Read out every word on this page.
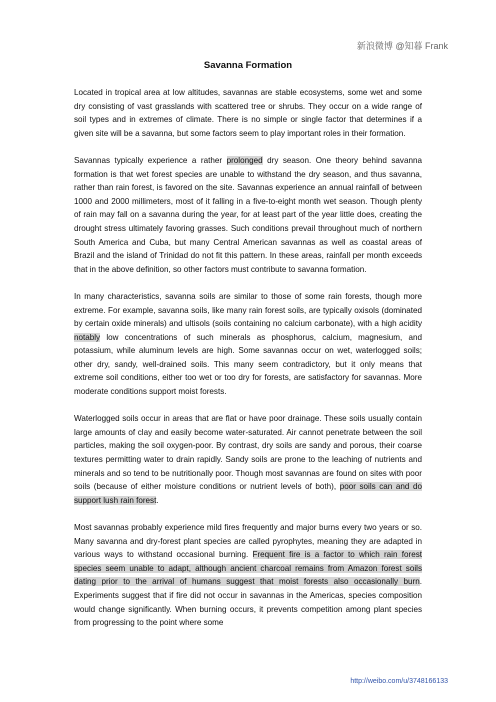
新浪微博 @知暮 Frank
Savanna Formation

Located in tropical area at low altitudes, savannas are stable ecosystems, some wet and some dry consisting of vast grasslands with scattered tree or shrubs. They occur on a wide range of soil types and in extremes of climate. There is no simple or single factor that determines if a given site will be a savanna, but some factors seem to play important roles in their formation.

Savannas typically experience a rather prolonged dry season. One theory behind savanna formation is that wet forest species are unable to withstand the dry season, and thus savanna, rather than rain forest, is favored on the site. Savannas experience an annual rainfall of between 1000 and 2000 millimeters, most of it falling in a five-to-eight month wet season. Though plenty of rain may fall on a savanna during the year, for at least part of the year little does, creating the drought stress ultimately favoring grasses. Such conditions prevail throughout much of northern South America and Cuba, but many Central American savannas as well as coastal areas of Brazil and the island of Trinidad do not fit this pattern. In these areas, rainfall per month exceeds that in the above definition, so other factors must contribute to savanna formation.

In many characteristics, savanna soils are similar to those of some rain forests, though more extreme. For example, savanna soils, like many rain forest soils, are typically oxisols (dominated by certain oxide minerals) and ultisols (soils containing no calcium carbonate), with a high acidity notably low concentrations of such minerals as phosphorus, calcium, magnesium, and potassium, while aluminum levels are high. Some savannas occur on wet, waterlogged soils; other dry, sandy, well-drained soils. This many seem contradictory, but it only means that extreme soil conditions, either too wet or too dry for forests, are satisfactory for savannas. More moderate conditions support moist forests.

Waterlogged soils occur in areas that are flat or have poor drainage. These soils usually contain large amounts of clay and easily become water-saturated. Air cannot penetrate between the soil particles, making the soil oxygen-poor. By contrast, dry soils are sandy and porous, their coarse textures permitting water to drain rapidly. Sandy soils are prone to the leaching of nutrients and minerals and so tend to be nutritionally poor. Though most savannas are found on sites with poor soils (because of either moisture conditions or nutrient levels of both), poor soils can and do support lush rain forest.

Most savannas probably experience mild fires frequently and major burns every two years or so. Many savanna and dry-forest plant species are called pyrophytes, meaning they are adapted in various ways to withstand occasional burning. Frequent fire is a factor to which rain forest species seem unable to adapt, although ancient charcoal remains from Amazon forest soils dating prior to the arrival of humans suggest that moist forests also occasionally burn. Experiments suggest that if fire did not occur in savannas in the Americas, species composition would change significantly. When burning occurs, it prevents competition among plant species from progressing to the point where some

http://weibo.com/u/3748166133
